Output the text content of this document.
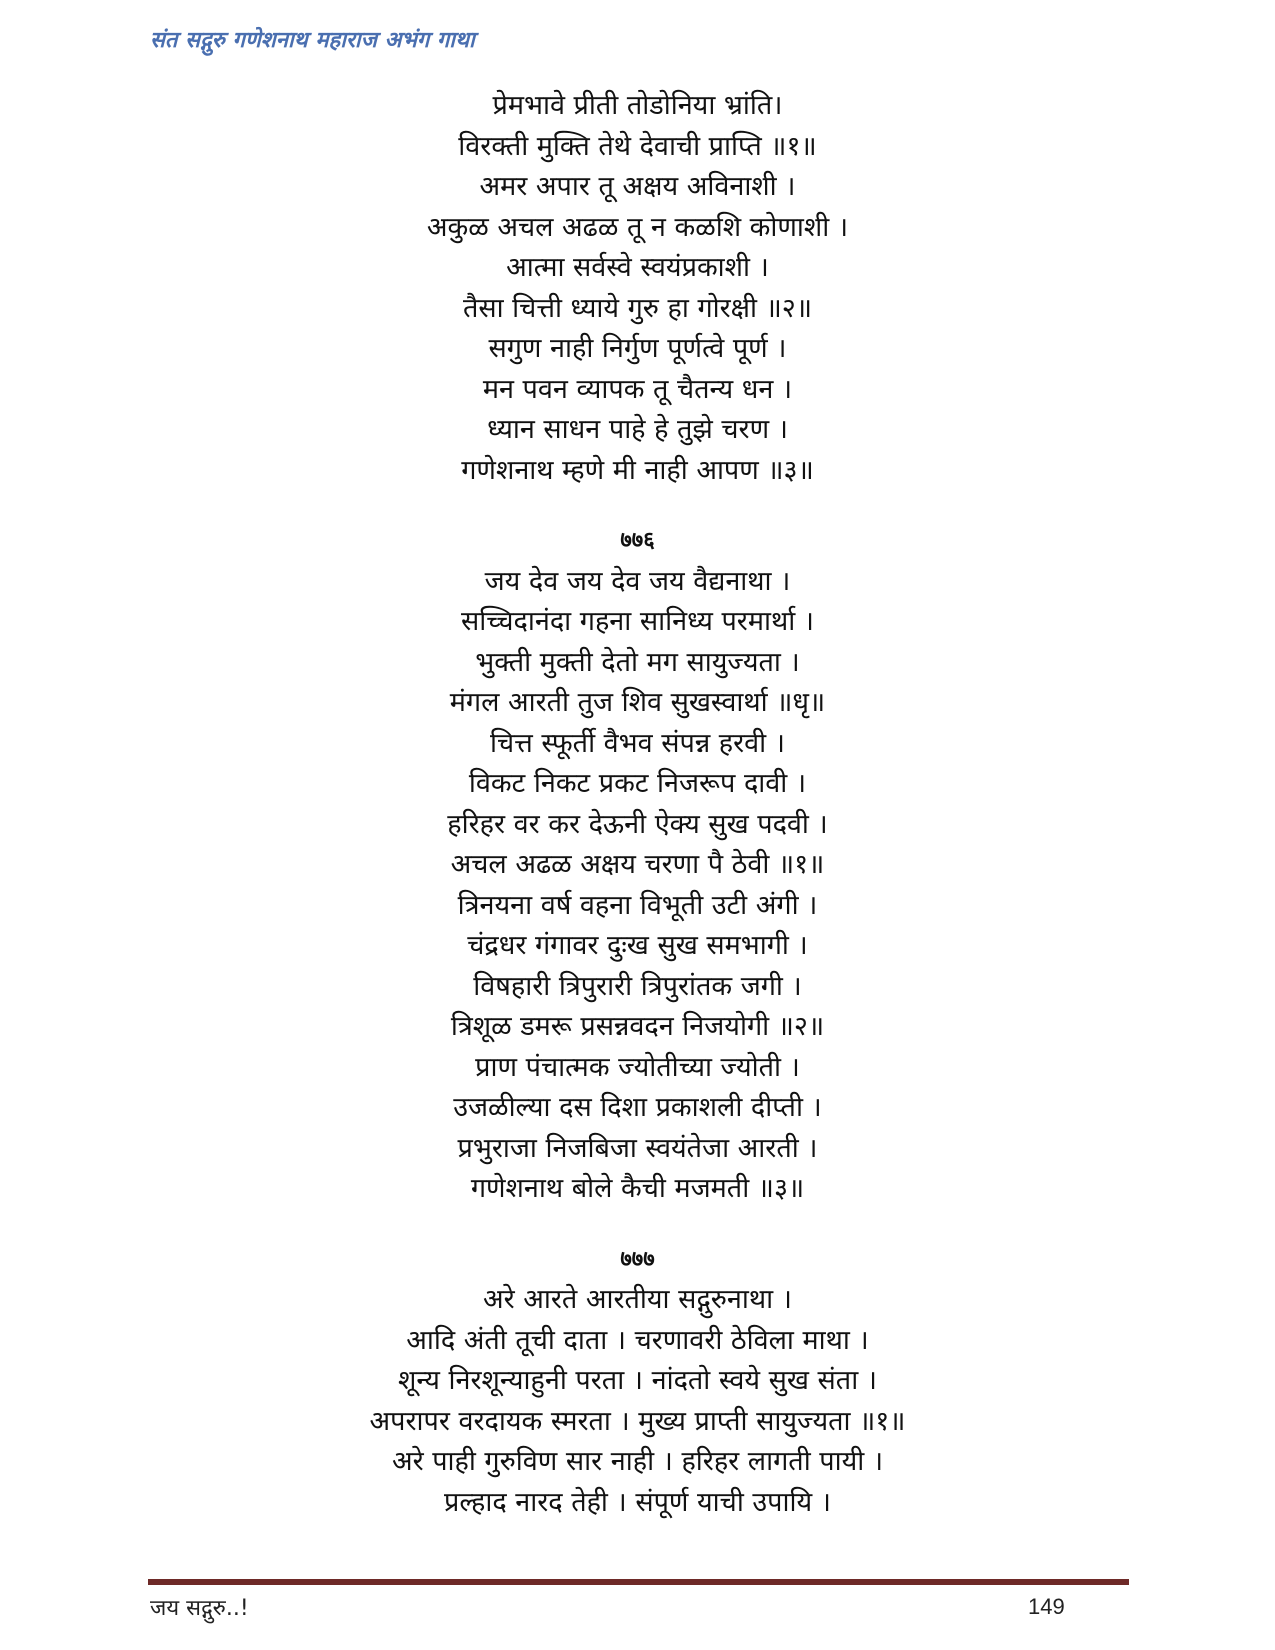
संत सद्गुरु गणेशनाथ महाराज अभंग गाथा
प्रेमभावे प्रीती तोडोनिया भ्रांति।
विरक्ती मुक्ति तेथे देवाची प्राप्ति ॥१॥
अमर अपार तू अक्षय अविनाशी ।
अकुळ अचल अढळ तू न कळशि कोणाशी ।
आत्मा सर्वस्वे स्वयंप्रकाशी ।
तैसा चित्ती ध्याये गुरु हा गोरक्षी ॥२॥
सगुण नाही निर्गुण पूर्णत्वे पूर्ण ।
मन पवन व्यापक तू चैतन्य धन ।
ध्यान साधन पाहे हे तुझे चरण ।
गणेशनाथ म्हणे मी नाही आपण ॥३॥
७७६
जय देव जय देव जय वैद्यनाथा ।
सच्चिदानंदा गहना सानिध्य परमार्था ।
भुक्ती मुक्ती देतो मग सायुज्यता ।
मंगल आरती तुज शिव सुखस्वार्था ॥धृ॥
चित्त स्फूर्ती वैभव संपन्न हरवी ।
विकट निकट प्रकट निजरूप दावी ।
हरिहर वर कर देऊनी ऐक्य सुख पदवी ।
अचल अढळ अक्षय चरणा पै ठेवी ॥१॥
त्रिनयना वर्ष वहना विभूती उटी अंगी ।
चंद्रधर गंगावर दुःख सुख समभागी ।
विषहारी त्रिपुरारी त्रिपुरांतक जगी ।
त्रिशूळ डमरू प्रसन्नवदन निजयोगी ॥२॥
प्राण पंचात्मक ज्योतीच्या ज्योती ।
उजळील्या दस दिशा प्रकाशली दीप्ती ।
प्रभुराजा निजबिजा स्वयंतेजा आरती ।
गणेशनाथ बोले कैची मजमती ॥३॥
७७७
अरे आरते आरतीया सद्गुरुनाथा ।
आदि अंती तूची दाता । चरणावरी ठेविला माथा ।
शून्य निरशून्याहुनी परता । नांदतो स्वये सुख संता ।
अपरापर वरदायक स्मरता । मुख्य प्राप्ती सायुज्यता ॥१॥
अरे पाही गुरुविण सार नाही । हरिहर लागती पायी ।
प्रल्हाद नारद तेही । संपूर्ण याची उपायि ।
जय सद्गुरु..!	149
